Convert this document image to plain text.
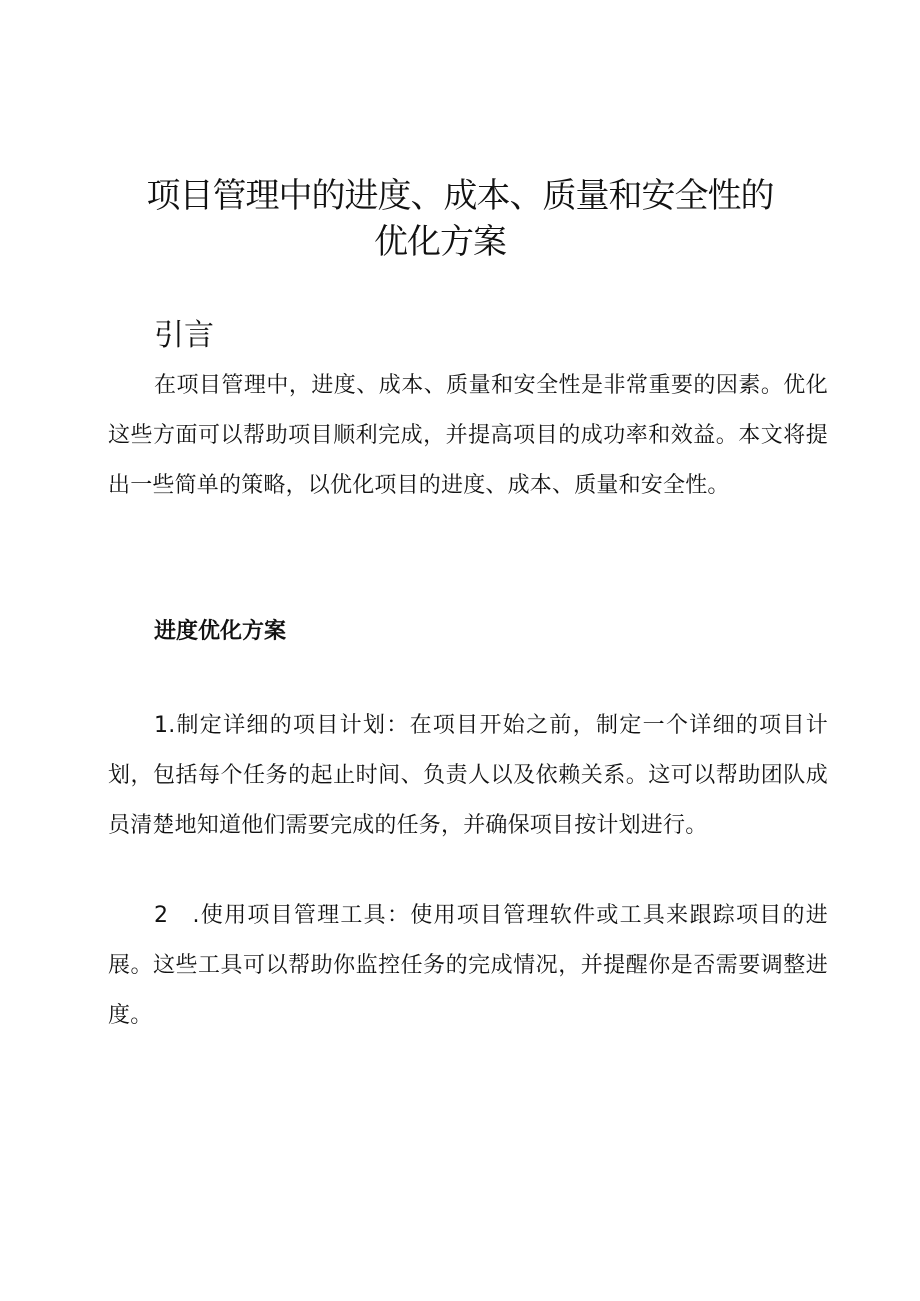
项目管理中的进度、成本、质量和安全性的
优化方案
引言

在项目管理中，进度、成本、质量和安全性是非常重要的因素。优化这些方面可以帮助项目顺利完成，并提高项目的成功率和效益。本文将提出一些简单的策略，以优化项目的进度、成本、质量和安全性。

进度优化方案

1.制定详细的项目计划：在项目开始之前，制定一个详细的项目计划，包括每个任务的起止时间、负责人以及依赖关系。这可以帮助团队成员清楚地知道他们需要完成的任务，并确保项目按计划进行。

2　.使用项目管理工具：使用项目管理软件或工具来跟踪项目的进展。这些工具可以帮助你监控任务的完成情况，并提醒你是否需要调整进度。
